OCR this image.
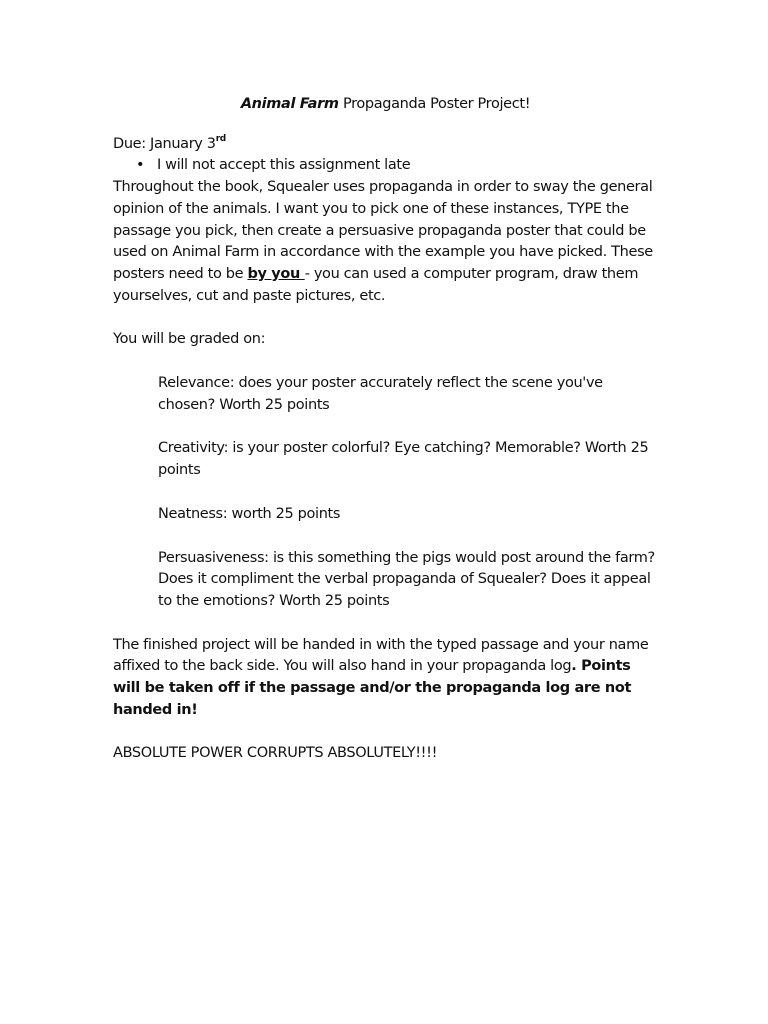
Animal Farm Propaganda Poster Project!

Due: January 3rd

• I will not accept this assignment late

Throughout the book, Squealer uses propaganda in order to sway the general opinion of the animals. I want you to pick one of these instances, TYPE the passage you pick, then create a persuasive propaganda poster that could be used on Animal Farm in accordance with the example you have picked. These posters need to be by you - you can used a computer program, draw them yourselves, cut and paste pictures, etc.

You will be graded on:

Relevance: does your poster accurately reflect the scene you've chosen? Worth 25 points

Creativity: is your poster colorful? Eye catching? Memorable? Worth 25 points

Neatness: worth 25 points

Persuasiveness: is this something the pigs would post around the farm? Does it compliment the verbal propaganda of Squealer? Does it appeal to the emotions? Worth 25 points

The finished project will be handed in with the typed passage and your name affixed to the back side. You will also hand in your propaganda log. Points will be taken off if the passage and/or the propaganda log are not handed in!

ABSOLUTE POWER CORRUPTS ABSOLUTELY!!!!
